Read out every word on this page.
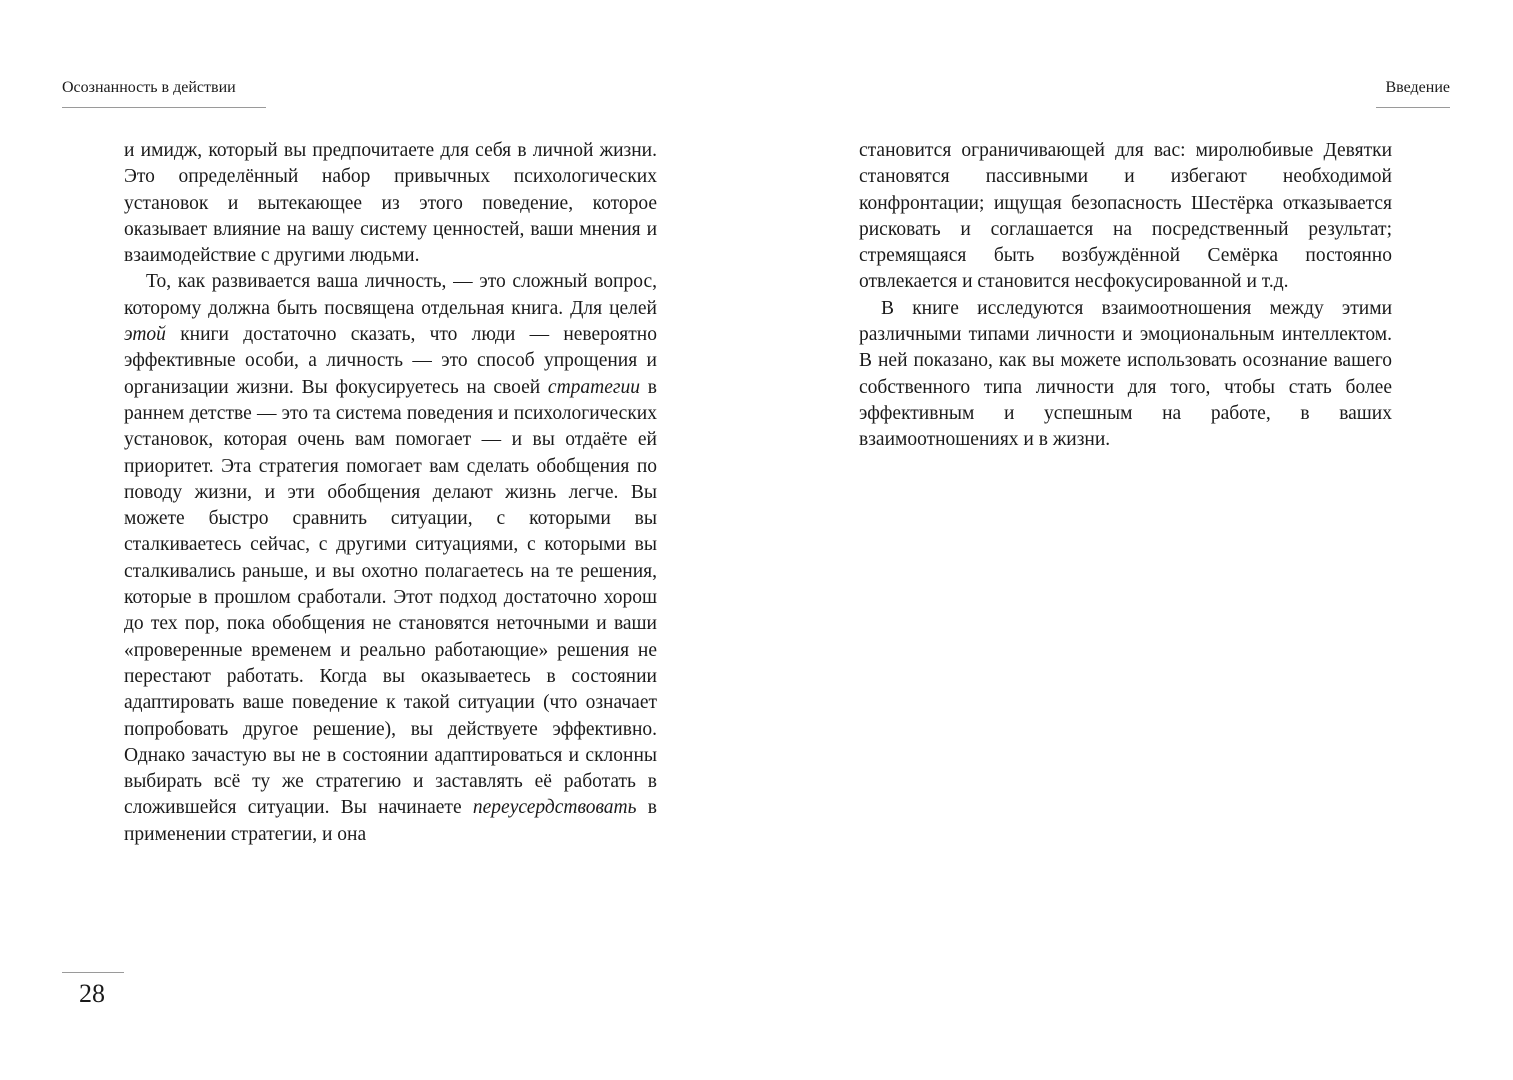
Осознанность в действии	Введение

и имидж, который вы предпочитаете для себя в личной жизни. Это определённый набор привычных психологических установок и вытекающее из этого поведение, которое оказывает влияние на вашу систему ценностей, ваши мнения и взаимодействие с другими людьми.

То, как развивается ваша личность, — это сложный вопрос, которому должна быть посвящена отдельная книга. Для целей этой книги достаточно сказать, что люди — невероятно эффективные особи, а личность — это способ упрощения и организации жизни. Вы фокусируетесь на своей стратегии в раннем детстве — это та система поведения и психологических установок, которая очень вам помогает — и вы отдаёте ей приоритет. Эта стратегия помогает вам сделать обобщения по поводу жизни, и эти обобщения делают жизнь легче. Вы можете быстро сравнить ситуации, с которыми вы сталкиваетесь сейчас, с другими ситуациями, с которыми вы сталкивались раньше, и вы охотно полагаетесь на те решения, которые в прошлом сработали. Этот подход достаточно хорош до тех пор, пока обобщения не становятся неточными и ваши «проверенные временем и реально работающие» решения не перестают работать. Когда вы оказываетесь в состоянии адаптировать ваше поведение к такой ситуации (что означает попробовать другое решение), вы действуете эффективно. Однако зачастую вы не в состоянии адаптироваться и склонны выбирать всё ту же стратегию и заставлять её работать в сложившейся ситуации. Вы начинаете переусердствовать в применении стратегии, и она

становится ограничивающей для вас: миролюбивые Девятки становятся пассивными и избегают необходимой конфронтации; ищущая безопасность Шестёрка отказывается рисковать и соглашается на посредственный результат; стремящаяся быть возбуждённой Семёрка постоянно отвлекается и становится несфокусированной и т.д.

В книге исследуются взаимоотношения между этими различными типами личности и эмоциональным интеллектом. В ней показано, как вы можете использовать осознание вашего собственного типа личности для того, чтобы стать более эффективным и успешным на работе, в ваших взаимоотношениях и в жизни.

28
